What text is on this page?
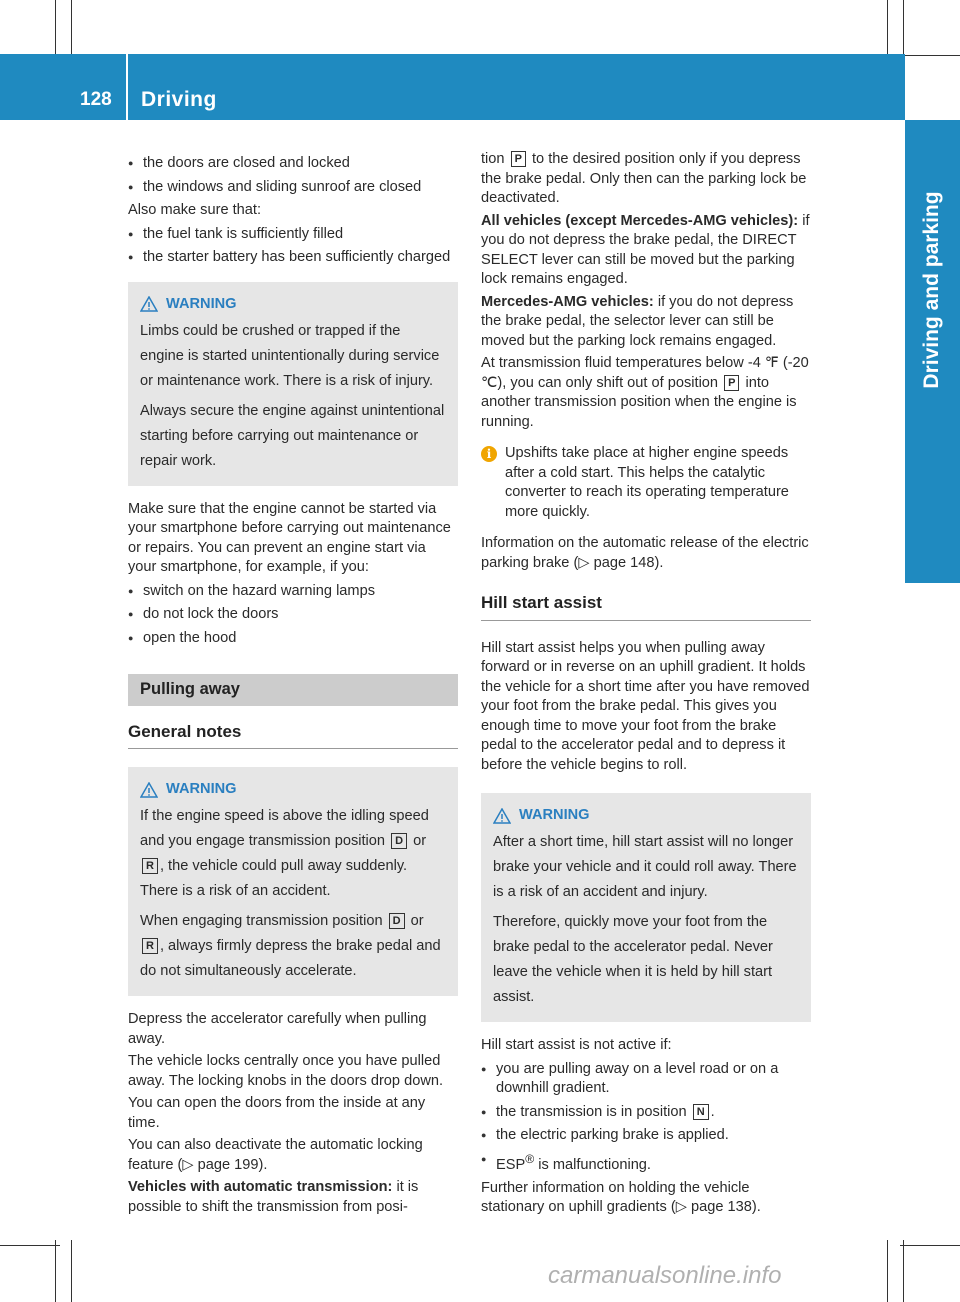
128 Driving
Driving and parking
● the doors are closed and locked
● the windows and sliding sunroof are closed

Also make sure that:

● the fuel tank is sufficiently filled
● the starter battery has been sufficiently charged
WARNING
Limbs could be crushed or trapped if the engine is started unintentionally during service or maintenance work. There is a risk of injury.
Always secure the engine against unintentional starting before carrying out maintenance or repair work.

Make sure that the engine cannot be started via your smartphone before carrying out maintenance or repairs. You can prevent an engine start via your smartphone, for example, if you:

● switch on the hazard warning lamps
● do not lock the doors
● open the hood
Pulling away
General notes
WARNING
If the engine speed is above the idling speed and you engage transmission position D or R , the vehicle could pull away suddenly. There is a risk of an accident.
When engaging transmission position D or R , always firmly depress the brake pedal and do not simultaneously accelerate.

Depress the accelerator carefully when pulling away.

The vehicle locks centrally once you have pulled away. The locking knobs in the doors drop down.

You can open the doors from the inside at any time.

You can also deactivate the automatic locking feature (▷ page 199).

Vehicles with automatic transmission: it is possible to shift the transmission from posi-

tion P to the desired position only if you depress the brake pedal. Only then can the parking lock be deactivated.

All vehicles (except Mercedes-AMG vehicles): if you do not depress the brake pedal, the DIRECT SELECT lever can still be moved but the parking lock remains engaged.

Mercedes-AMG vehicles: if you do not depress the brake pedal, the selector lever can still be moved but the parking lock remains engaged.

At transmission fluid temperatures below -4 ℉ (-20 ℃), you can only shift out of position P into another transmission position when the engine is running.

i Upshifts take place at higher engine speeds after a cold start. This helps the catalytic converter to reach its operating temperature more quickly.

Information on the automatic release of the electric parking brake (▷ page 148).

Hill start assist

Hill start assist helps you when pulling away forward or in reverse on an uphill gradient. It holds the vehicle for a short time after you have removed your foot from the brake pedal. This gives you enough time to move your foot from the brake pedal to the accelerator pedal and to depress it before the vehicle begins to roll.

WARNING
After a short time, hill start assist will no longer brake your vehicle and it could roll away. There is a risk of an accident and injury.
Therefore, quickly move your foot from the brake pedal to the accelerator pedal. Never leave the vehicle when it is held by hill start assist.

Hill start assist is not active if:

● you are pulling away on a level road or on a downhill gradient.
● the transmission is in position N .
● the electric parking brake is applied.
● ESP® is malfunctioning.

Further information on holding the vehicle stationary on uphill gradients (▷ page 138).

carmanualsonline.info
